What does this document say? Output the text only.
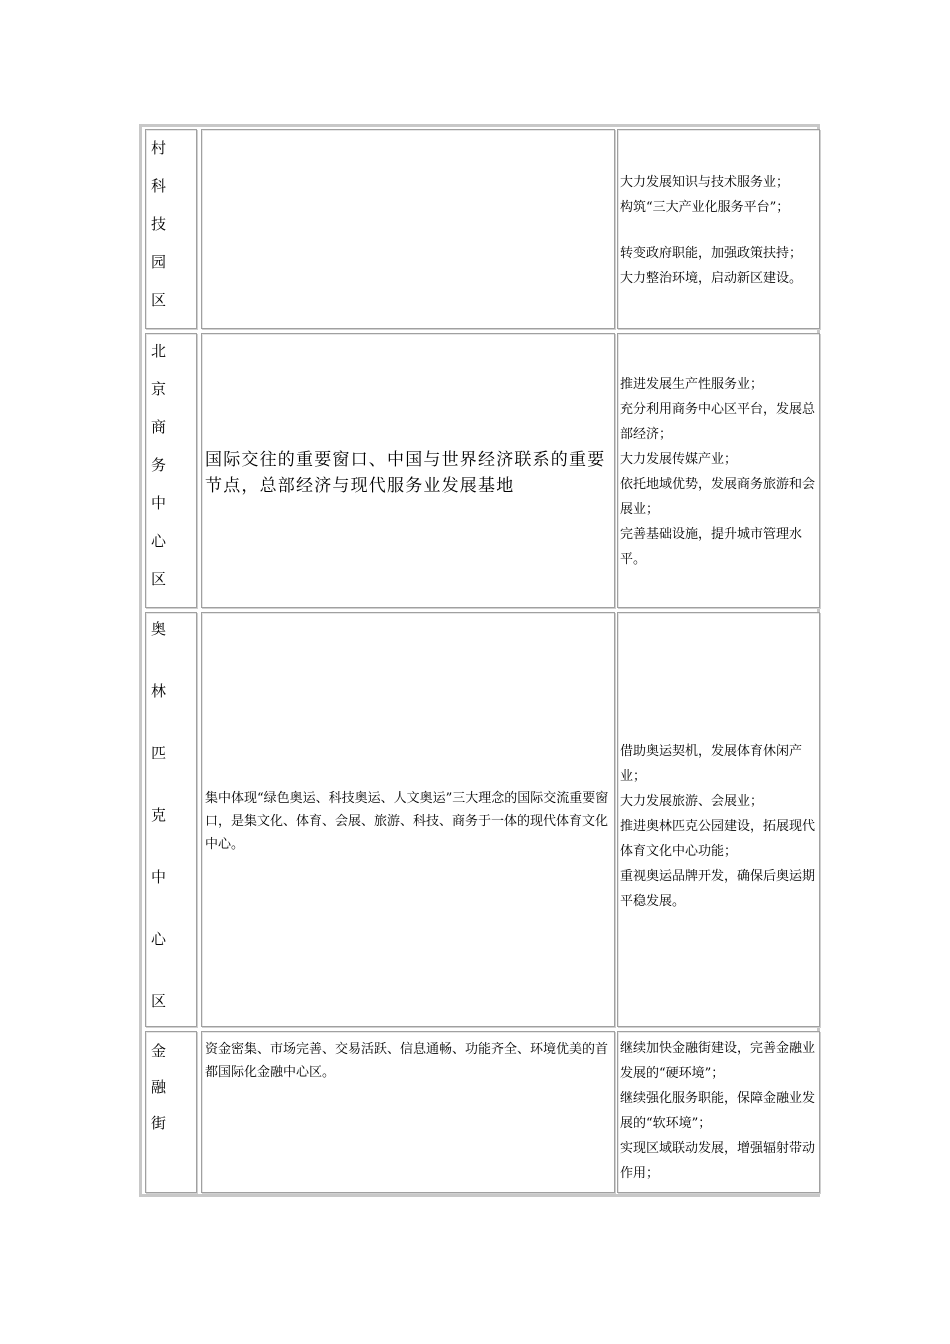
村
科
技
园
区

大力发展知识与技术服务业；

构筑“三大产业化服务平台”；

转变政府职能，加强政策扶持；

大力整治环境，启动新区建设。

北
京
商
务
中
心
区
国际交往的重要窗口、中国与世界经济联系的重要节点，总部经济与现代服务业发展基地

推进发展生产性服务业；

充分利用商务中心区平台，发展总部经济；

大力发展传媒产业；

依托地域优势，发展商务旅游和会展业；

完善基础设施，提升城市管理水平。

奥
林
匹
克
中
心
区
集中体现“绿色奥运、科技奥运、人文奥运”三大理念的国际交流重要窗口，是集文化、体育、会展、旅游、科技、商务于一体的现代体育文化中心。

借助奥运契机，发展体育休闲产业；

大力发展旅游、会展业；

推进奥林匹克公园建设，拓展现代体育文化中心功能；

重视奥运品牌开发，确保后奥运期平稳发展。

金
融
街
资金密集、市场完善、交易活跃、信息通畅、功能齐全、环境优美的首都国际化金融中心区。

继续加快金融街建设，完善金融业发展的“硬环境”；

继续强化服务职能，保障金融业发展的“软环境”；

实现区域联动发展，增强辐射带动作用；
